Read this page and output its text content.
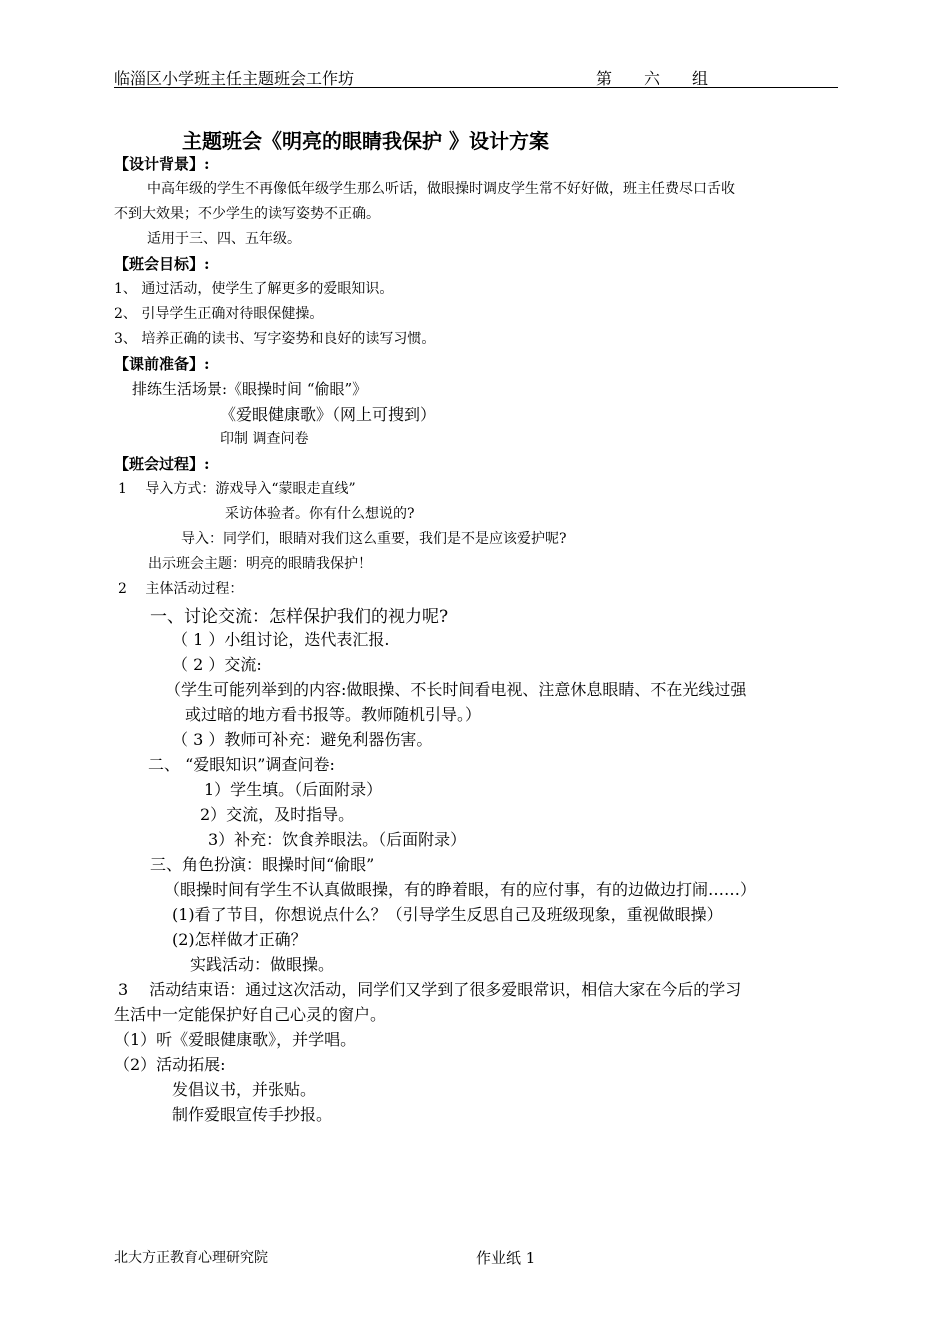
临淄区小学班主任主题班会工作坊	第　　六　　组
主题班会《明亮的眼睛我保护 》设计方案
【设计背景】:
中高年级的学生不再像低年级学生那么听话，做眼操时调皮学生常不好好做，班主任费尽口舌收
不到大效果；不少学生的读写姿势不正确。
适用于三、四、五年级。
【班会目标】:
1、 通过活动，使学生了解更多的爱眼知识。
2、 引导学生正确对待眼保健操。
3、 培养正确的读书、写字姿势和良好的读写习惯。
【课前准备】:
排练生活场景:《眼操时间 “偷眼”》
《爱眼健康歌》（网上可搜到）
印制 调查问卷
【班会过程】:
1　 导入方式：游戏导入“蒙眼走直线”
采访体验者。你有什么想说的?
导入：同学们，眼睛对我们这么重要，我们是不是应该爱护呢?
出示班会主题：明亮的眼睛我保护！
2　 主体活动过程：
一、讨论交流：怎样保护我们的视力呢?
（ 1 ）小组讨论，迭代表汇报.
（ 2 ）交流:
（学生可能列举到的内容:做眼操、不长时间看电视、注意休息眼睛、不在光线过强
或过暗的地方看书报等。教师随机引导。）
（ 3 ）教师可补充：避免利器伤害。
二、 “爱眼知识”调查问卷:
1）学生填。（后面附录）
2）交流，及时指导。
3）补充：饮食养眼法。（后面附录）
三、角色扮演：眼操时间“偷眼”
（眼操时间有学生不认真做眼操，有的睁着眼，有的应付事，有的边做边打闹……）
(1)看了节目，你想说点什么？（引导学生反思自己及班级现象，重视做眼操）
(2)怎样做才正确？
实践活动：做眼操。
3　 活动结束语：通过这次活动，同学们又学到了很多爱眼常识，相信大家在今后的学习
生活中一定能保护好自己心灵的窗户。
（1）听《爱眼健康歌》，并学唱。
（2）活动拓展:
发倡议书，并张贴。
制作爱眼宣传手抄报。
北大方正教育心理研究院	作业纸 1
